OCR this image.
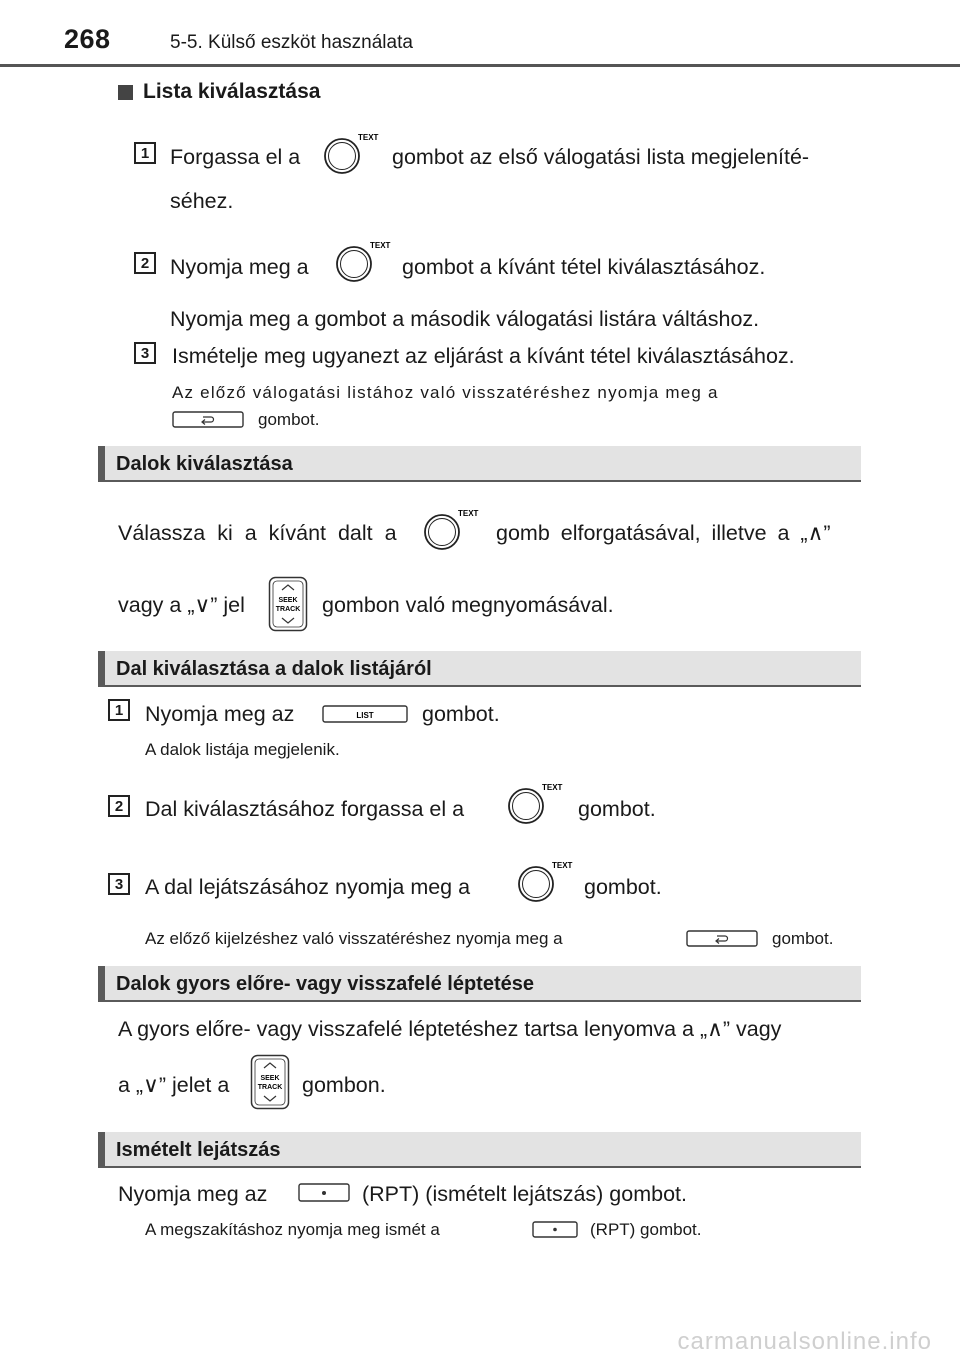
268	5-5. Külső eszköt használata
Lista kiválasztása
1 Forgassa el a
TEXT
gombot az első válogatási lista megjeleníté-
séhez.
2 Nyomja meg a
TEXT
gombot a kívánt tétel kiválasztásához.
Nyomja meg a gombot a második válogatási listára váltáshoz.
3	Ismételje meg ugyanezt az eljárást a kívánt tétel kiválasztásához.
Az előző válogatási listához való visszatéréshez nyomja meg a
gombot.
Dalok kiválasztása
Válassza ki a kívánt dalt a
TEXT
gomb elforgatásával, illetve a „∧”
vagy a „∨” jel	SEEK
TRACK gombon való megnyomásával.
Dal kiválasztása a dalok listájáról
1	Nyomja meg az	LIST gombot.
A dalok listája megjelenik.
2	Dal kiválasztásához forgassa el a
TEXT
gombot.
3	A dal lejátszásához nyomja meg a
TEXT
gombot.
Az előző kijelzéshez való visszatéréshez nyomja meg a	gombot.
Dalok gyors előre- vagy visszafelé léptetése
A gyors előre- vagy visszafelé léptetéshez tartsa lenyomva a „∧” vagy
SEEK
TRACK
a „∨” jelet a	gombon.
Ismételt lejátszás
Nyomja meg az	(RPT) (ismételt lejátszás) gombot.
A megszakításhoz nyomja meg ismét a	(RPT) gombot.
carmanualsonline.info
